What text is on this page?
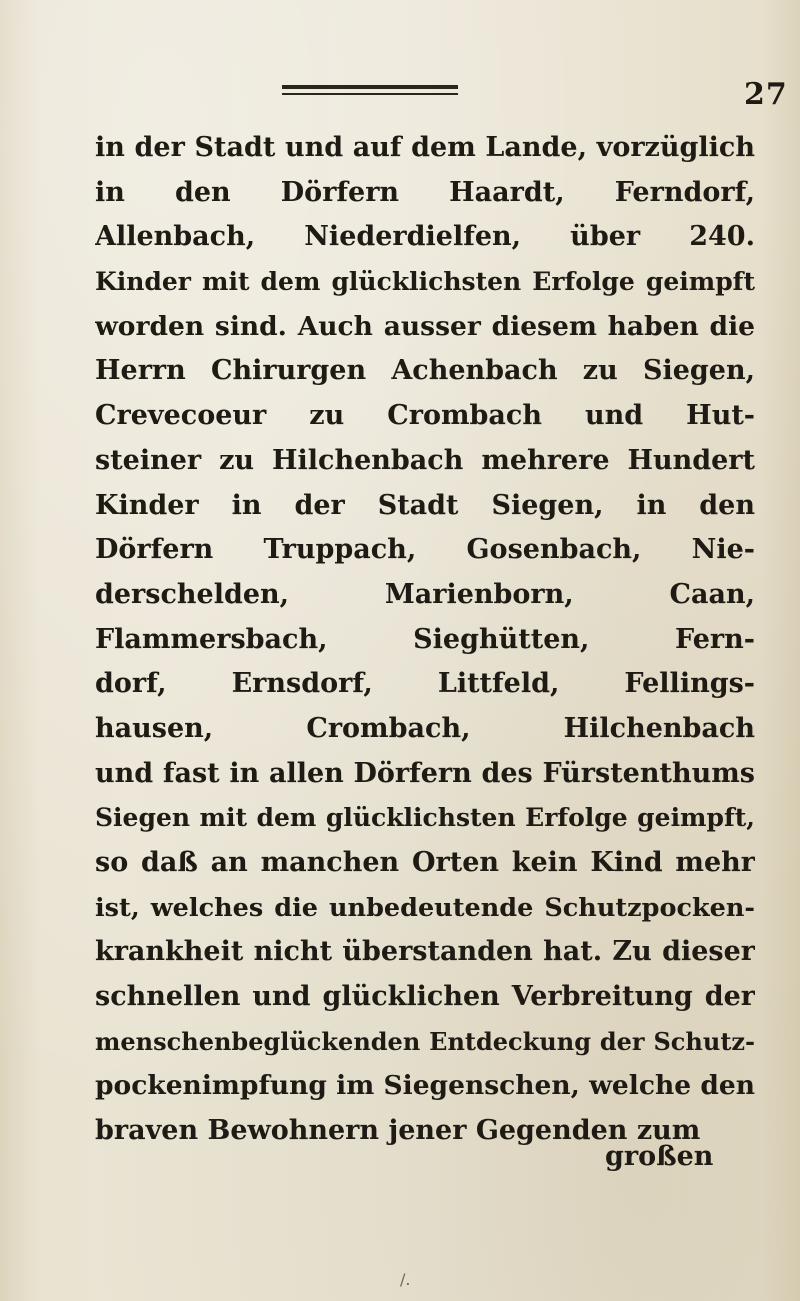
27
in der Stadt und auf dem Lande, vorzüglich
in den Dörfern Haardt, Ferndorf,
Allenbach, Niederdielfen, über 240.
Kinder mit dem glücklichsten Erfolge geimpft
worden sind. Auch ausser diesem haben die
Herrn Chirurgen Achenbach zu Siegen,
Crevecoeur zu Crombach und Hut-
steiner zu Hilchenbach mehrere Hundert
Kinder in der Stadt Siegen, in den
Dörfern Truppach, Gosenbach, Nie-
derschelden, Marienborn, Caan,
Flammersbach, Sieghütten, Fern-
dorf, Ernsdorf, Littfeld, Fellings-
hausen, Crombach, Hilchenbach
und fast in allen Dörfern des Fürstenthums
Siegen mit dem glücklichsten Erfolge geimpft,
so daß an manchen Orten kein Kind mehr
ist, welches die unbedeutende Schutzpocken-
krankheit nicht überstanden hat. Zu dieser
schnellen und glücklichen Verbreitung der
menschenbeglückenden Entdeckung der Schutz-
pockenimpfung im Siegenschen, welche den
braven Bewohnern jener Gegenden zum
großen
/.
